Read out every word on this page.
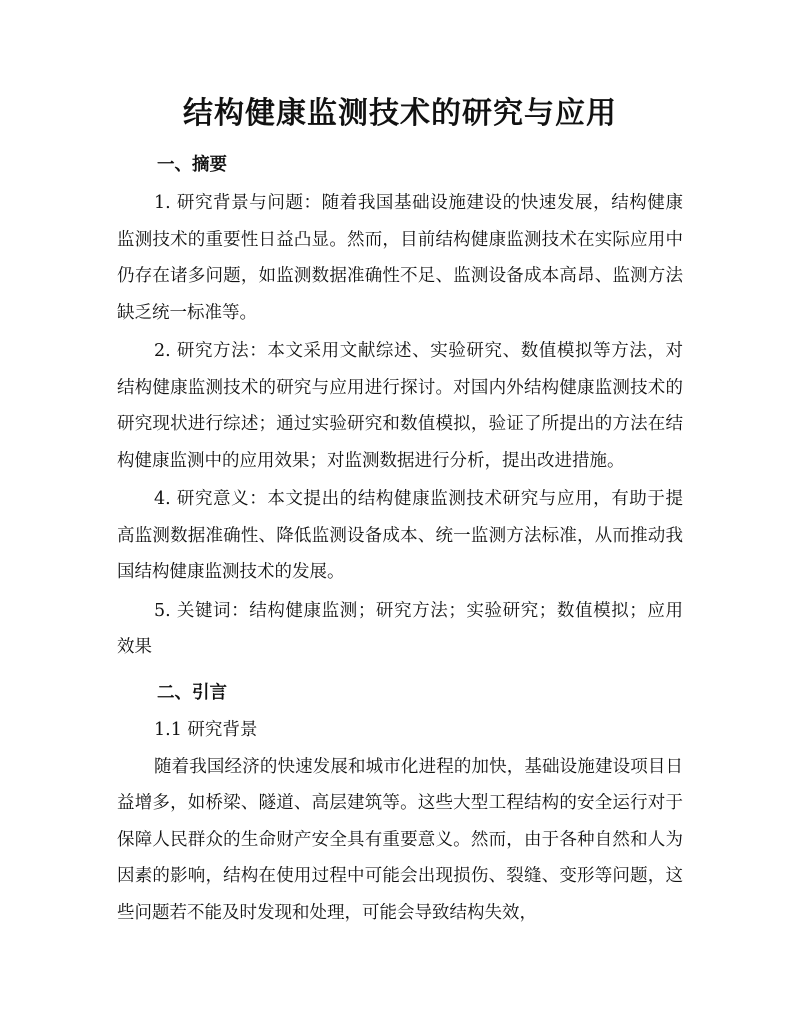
结构健康监测技术的研究与应用
一、摘要

1. 研究背景与问题：随着我国基础设施建设的快速发展，结构健康监测技术的重要性日益凸显。然而，目前结构健康监测技术在实际应用中仍存在诸多问题，如监测数据准确性不足、监测设备成本高昂、监测方法缺乏统一标准等。

2. 研究方法：本文采用文献综述、实验研究、数值模拟等方法，对结构健康监测技术的研究与应用进行探讨。对国内外结构健康监测技术的研究现状进行综述；通过实验研究和数值模拟，验证了所提出的方法在结构健康监测中的应用效果；对监测数据进行分析，提出改进措施。

4. 研究意义：本文提出的结构健康监测技术研究与应用，有助于提高监测数据准确性、降低监测设备成本、统一监测方法标准，从而推动我国结构健康监测技术的发展。

5. 关键词：结构健康监测；研究方法；实验研究；数值模拟；应用效果

二、引言
1.1 研究背景

随着我国经济的快速发展和城市化进程的加快，基础设施建设项目日益增多，如桥梁、隧道、高层建筑等。这些大型工程结构的安全运行对于保障人民群众的生命财产安全具有重要意义。然而，由于各种自然和人为因素的影响，结构在使用过程中可能会出现损伤、裂缝、变形等问题，这些问题若不能及时发现和处理，可能会导致结构失效，
